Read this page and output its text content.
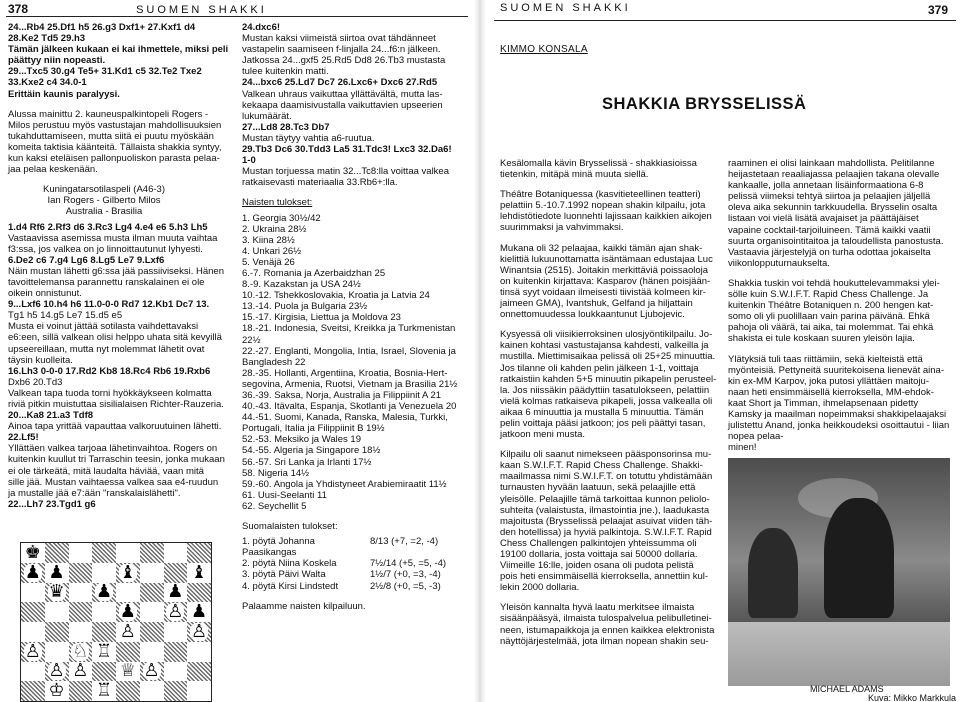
378	SUOMEN SHAKKI

24...Rb4 25.Df1 h5 26.g3 Dxf1+ 27.Kxf1 d4

28.Ke2 Td5 29.h3

Tämän jälkeen kukaan ei kai ihmettele, miksi peli

päättyy niin nopeasti.

29...Txc5 30.g4 Te5+ 31.Kd1 c5 32.Te2 Txe2

33.Kxe2 c4 34.0-1

Erittäin kaunis paralyysi.

Alussa mainittu 2. kauneuspalkintopeli Rogers -

Milos perustuu myös vastustajan mahdollisuuksien

tukahduttamiseen, mutta siitä ei puutu myöskään

komeita taktisia käänteitä. Tällaista shakkia syntyy,

kun kaksi eteläisen pallonpuoliskon parasta pelaa-

jaa pelaa keskenään.

Kuningatarsotilaspeli (A46-3)

Ian Rogers - Gilberto Milos

Australia - Brasilia

1.d4 Rf6 2.Rf3 d6 3.Rc3 Lg4 4.e4 e6 5.h3 Lh5

Vastaavissa asemissa musta ilman muuta vaihtaa

f3:ssa, jos valkea on jo linnoittautunut lyhyesti.

6.De2 c6 7.g4 Lg6 8.Lg5 Le7 9.Lxf6

Näin mustan lähetti g6:ssa jää passiiviseksi. Hänen

tavoittelemansa parannettu ranskalainen ei ole

oikein onnistunut.

9...Lxf6 10.h4 h6 11.0-0-0 Rd7 12.Kb1 Dc7 13.

Tg1 h5 14.g5 Le7 15.d5 e5

Musta ei voinut jättää sotilasta vaihdettavaksi

e6:een, sillä valkean olisi helppo uhata sitä kevyillä

upseereillaan, mutta nyt molemmat lähetit ovat

täysin kuolleita.

16.Lh3 0-0-0 17.Rd2 Kb8 18.Rc4 Rb6 19.Rxb6

Dxb6 20.Td3

Valkean tapa tuoda torni hyökkäykseen kolmatta

riviä pitkin muistuttaa sisilialaisen Richter-Rauzeria.

20...Ka8 21.a3 Tdf8

Ainoa tapa yrittää vapauttaa valkoruutuinen lähetti.

22.Lf5!

Yllättäen valkea tarjoaa lähetinvaihtoa. Rogers on

kuitenkin kuullut tri Tarraschin teesin, jonka mukaan

ei ole tärkeätä, mitä laudalta häviää, vaan mitä

sille jää. Mustan vaihtaessa valkea saa e4-ruudun

ja mustalle jää e7:ään "ranskalaislähetti".

22...Lh7 23.Tgd1 g6

♚
♟ ♟	♝	♝
♛ ♟	♟
♟ ♙ ♟
♙	♙
♙ ♘ ♖
♙ ♙ ♕ ♙
♔ ♖

24.dxc6!

Mustan kaksi viimeistä siirtoa ovat tähdänneet

vastapelin saamiseen f-linjalla 24...f6:n jälkeen.

Jatkossa 24...gxf5 25.Rd5 Dd8 26.Tb3 mustasta

tulee kuitenkin matti.

24...bxc6 25.Ld7 Dc7 26.Lxc6+ Dxc6 27.Rd5

Valkean uhraus vaikuttaa yllättävältä, mutta las-

kekaapa daamisivustalla vaikuttavien upseerien

lukumäärät.

27...Ld8 28.Tc3 Db7

Mustan täytyy vahtia a6-ruutua.

29.Tb3 Dc6 30.Tdd3 La5 31.Tdc3! Lxc3 32.Da6!

1-0

Mustan torjuessa matin 32...Tc8:lla voittaa valkea

ratkaisevasti materiaalia 33.Rb6+:lla.

Naisten tulokset:

1. Georgia 30½/42

2. Ukraina 28½

3. Kiina 28½

4. Unkari 26½

5. Venäjä 26

6.-7. Romania ja Azerbaidzhan 25

8.-9. Kazakstan ja USA 24½

10.-12. Tshekkoslovakia, Kroatia ja Latvia 24

13.-14. Puola ja Bulgaria 23½

15.-17. Kirgisia, Liettua ja Moldova 23

18.-21. Indonesia, Sveitsi, Kreikka ja Turkmenistan

22½

22.-27. Englanti, Mongolia, Intia, Israel, Slovenia ja

Bangladesh 22

28.-35. Hollanti, Argentiina, Kroatia, Bosnia-Hert-

segovina, Armenia, Ruotsi, Vietnam ja Brasilia 21½

36.-39. Saksa, Norja, Australia ja Filippiinit A 21

40.-43. Itävalta, Espanja, Skotlanti ja Venezuela 20

44.-51. Suomi, Kanada, Ranska, Malesia, Turkki,

Portugali, Italia ja Filippiinit B 19½

52.-53. Meksiko ja Wales 19

54.-55. Algeria ja Singapore 18½

56.-57. Sri Lanka ja Irlanti 17½

58. Nigeria 14½

59.-60. Angola ja Yhdistyneet Arabiemiraatit 11½

61. Uusi-Seelanti 11

62. Seychellit 5

Suomalaisten tulokset:
1. pöytä Johanna Paasikangas
8/13 (+7, =2, -4)
2. pöytä Niina Koskela	7½/14 (+5, =5, -4)
3. pöytä Päivi Walta	1½/7 (+0, =3, -4)
4. pöytä Kirsi Lindstedt	2½/8 (+0, =5, -3)
Palaamme naisten kilpailuun.
SUOMEN SHAKKI	379
KIMMO KONSALA
SHAKKIA BRYSSELISSÄ

Kesälomalla kävin Brysselissä - shakkiasioissa

tietenkin, mitäpä minä muuta siellä.

Théâtre Botaniquessa (kasvitieteellinen teatteri)

pelattiin 5.-10.7.1992 nopean shakin kilpailu, jota

lehdistötiedote luonnehti lajissaan kaikkien aikojen

suurimmaksi ja vahvimmaksi.

Mukana oli 32 pelaajaa, kaikki tämän ajan shak-

kielittiä lukuunottamatta isäntämaan edustajaa Luc

Winantsia (2515). Joitakin merkittäviä poissaoloja

on kuitenkin kirjattava: Kasparov (hänen poisjään-

tinsä syyt voidaan ilmeisesti tiivistää kolmeen kir-

jaimeen GMA), Ivantshuk, Gelfand ja hiljattain

onnettomuudessa loukkaantunut Ljubojevic.

Kysyessä oli viisikierroksinen ulosjyöntikilpailu. Jo-

kainen kohtasi vastustajansa kahdesti, valkeilla ja

mustilla. Miettimisaikaa pelissä oli 25+25 minuuttia.

Jos tilanne oli kahden pelin jälkeen 1-1, voittaja

ratkaistiin kahden 5+5 minuutin pikapelin perusteel-

la. Jos niissäkin päädyttiin tasatulokseen, pelattiin

vielä kolmas ratkaiseva pikapeli, jossa valkealla oli

aikaa 6 minuuttia ja mustalla 5 minuuttia. Tämän

pelin voittaja pääsi jatkoon; jos peli päättyi tasan,

jatkoon meni musta.

Kilpailu oli saanut nimekseen pääsponsorinsa mu-

kaan S.W.I.F.T. Rapid Chess Challenge. Shakki-

maailmassa nimi S.W.I.F.T. on totuttu yhdistämään

turnausten hyvään laatuun, sekä pelaajille että

yleisölle. Pelaajille tämä tarkoittaa kunnon peliolo-

suhteita (valaistusta, ilmastointia jne.), laadukasta

majoitusta (Brysselissä pelaajat asuivat viiden täh-

den hotellissa) ja hyviä palkintoja. S.W.I.F.T. Rapid

Chess Challengen palkintojen yhteissumma oli

19100 dollaria, josta voittaja sai 50000 dollaria.

Viimeille 16:lle, joiden osana oli pudota pelistä

pois heti ensimmäisellä kierroksella, annettiin kul-

lekin 2000 dollaria.

Yleisön kannalta hyvä laatu merkitsee ilmaista

sisäänpääsyä, ilmaista tulospalvelua pelibulletinei-

neen, istumapaikkoja ja ennen kaikkea elektronista

näyttöjärjestelmää, jota ilman nopean shakin seu-

raaminen ei olisi lainkaan mahdollista. Pelitilanne

heijastetaan reaaliajassa pelaajien takana olevalle

kankaalle, jolla annetaan lisäinformaationa 6-8

pelissä viimeksi tehtyä siirtoa ja pelaajien jäljellä

oleva aika sekunnin tarkkuudella. Brysselin osalta

listaan voi vielä lisätä avajaiset ja päättäjäiset

vapaine cocktail-tarjoiluineen. Tämä kaikki vaatii

suurta organisointitaitoa ja taloudellista panostusta.

Vastaavia järjestelyjä on turha odottaa jokaiselta

viikonlopputurnaukselta.

Shakkia tuskin voi tehdä houkuttelevammaksi ylei-

sölle kuin S.W.I.F.T. Rapid Chess Challenge. Ja

kuitenkin Théâtre Botaniquen n. 200 hengen kat-

somo oli yli puolillaan vain parina päivänä. Ehkä

pahoja oli väärä, tai aika, tai molemmat. Tai ehkä

shakista ei tule koskaan suuren yleisön lajia.

Ylätyksiä tuli taas riittämiin, sekä kielteistä että

myönteisiä. Pettyneitä suuritekoisena lienevät aina-

kin ex-MM Karpov, joka putosi yllättäen maitoju-

naan heti ensimmäisellä kierroksella, MM-ehdok-

kaat Short ja Timman, ihmelapsenaan pidetty

Kamsky ja maailman nopeimmaksi shakkipelaajaksi

julistettu Anand, jonka heikkoudeksi osoittautui - liian nopea pelaa-

minen!

MICHAEL ADAMS
Kuva: Mikko Markkula
